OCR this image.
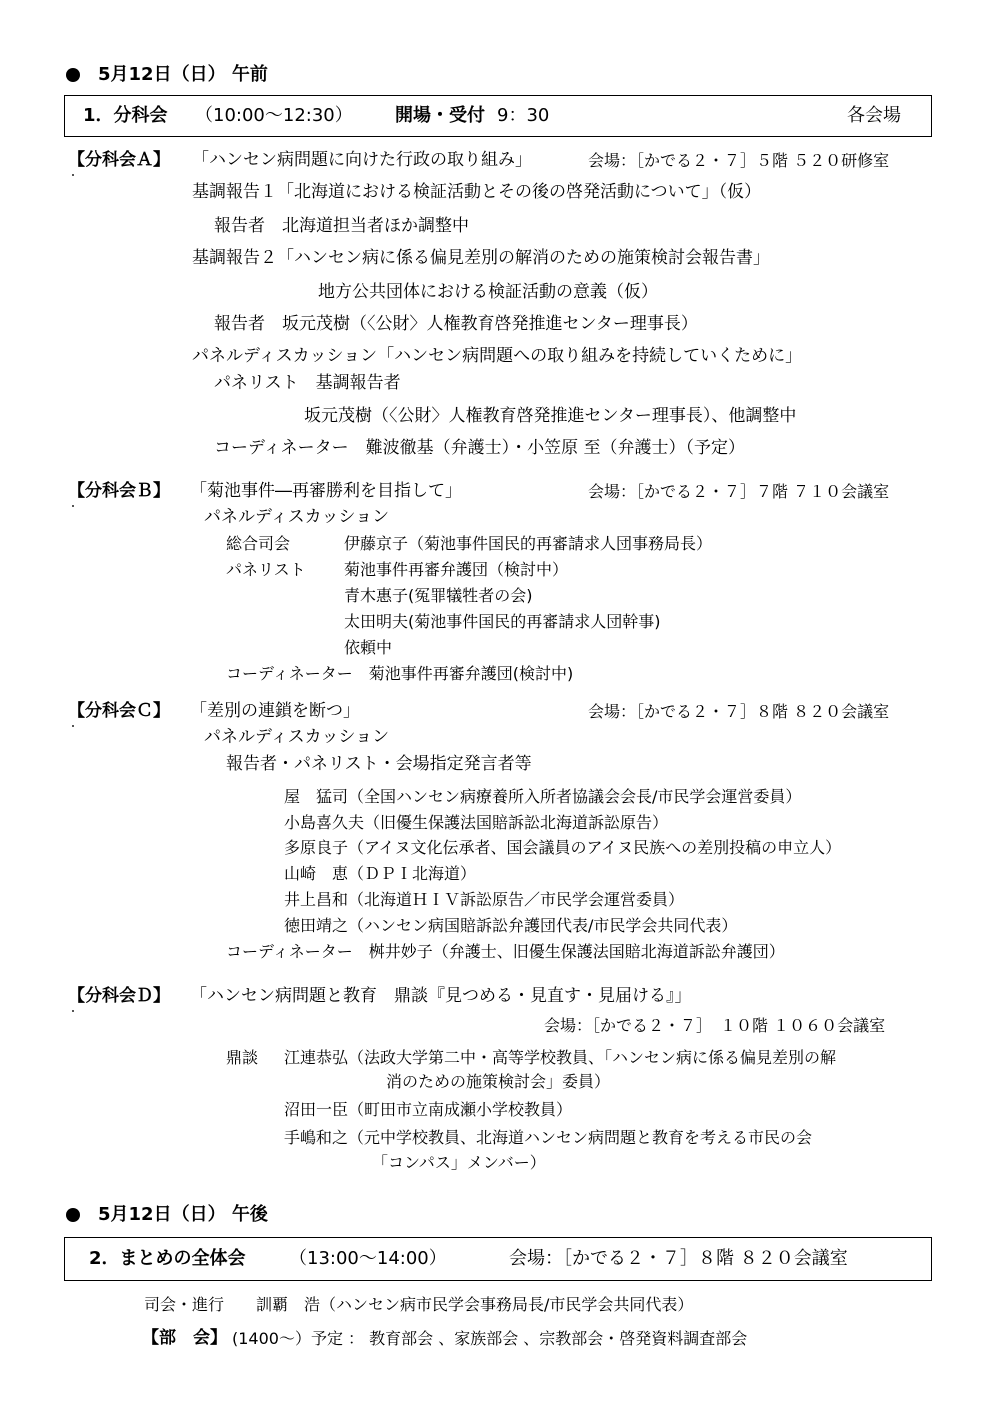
5月12日（日） 午前
1．分科会 （10:00〜12:30） 開場・受付 9：30	各会場
【分科会Ａ】 「ハンセン病問題に向けた行政の取り組み」	会場：［かでる２・７］５階 ５２０研修室
基調報告１「北海道における検証活動とその後の啓発活動について」（仮）
報告者　北海道担当者ほか調整中
基調報告２「ハンセン病に係る偏見差別の解消のための施策検討会報告書」
地方公共団体における検証活動の意義（仮）
報告者　坂元茂樹（〈公財〉人権教育啓発推進センター理事長）
パネルディスカッション「ハンセン病問題への取り組みを持続していくために」
パネリスト　基調報告者
坂元茂樹（〈公財〉人権教育啓発推進センター理事長）、他調整中
コーディネーター　難波徹基（弁護士）・小笠原 至（弁護士）（予定）
【分科会Ｂ】 「菊池事件―再審勝利を目指して」	会場：［かでる２・７］７階 ７１０会議室
パネルディスカッション
総合司会	伊藤京子（菊池事件国民的再審請求人団事務局長）
パネリスト 菊池事件再審弁護団（検討中）
青木惠子(冤罪犠牲者の会)
太田明夫(菊池事件国民的再審請求人団幹事)
依頼中
コーディネーター　菊池事件再審弁護団(検討中)
【分科会Ｃ】 「差別の連鎖を断つ」	会場：［かでる２・７］８階 ８２０会議室
パネルディスカッション
報告者・パネリスト・会場指定発言者等
屋　猛司（全国ハンセン病療養所入所者協議会会長/市民学会運営委員）
小島喜久夫（旧優生保護法国賠訴訟北海道訴訟原告）
多原良子（アイヌ文化伝承者、国会議員のアイヌ民族への差別投稿の申立人）
山崎　恵（ＤＰＩ北海道）
井上昌和（北海道ＨＩＶ訴訟原告／市民学会運営委員）
徳田靖之（ハンセン病国賠訴訟弁護団代表/市民学会共同代表）
コーディネーター　桝井妙子（弁護士、旧優生保護法国賠北海道訴訟弁護団）
【分科会Ｄ】 「ハンセン病問題と教育　鼎談『見つめる・見直す・見届ける』」
会場：［かでる２・７］　１０階 １０６０会議室
鼎談 江連恭弘（法政大学第二中・高等学校教員、「ハンセン病に係る偏見差別の解
消のための施策検討会」委員）
沼田一臣（町田市立南成瀬小学校教員）
手嶋和之（元中学校教員、北海道ハンセン病問題と教育を考える市民の会
「コンパス」メンバー）
5月12日（日） 午後
2．まとめの全体会 （13:00〜14:00）	会場：［かでる２・７］８階 ８２０会議室
司会・進行　　訓覇　浩（ハンセン病市民学会事務局長/市民学会共同代表）
【部　会】 (1400〜）予定 ： 教育部会 、家族部会 、宗教部会・啓発資料調査部会
